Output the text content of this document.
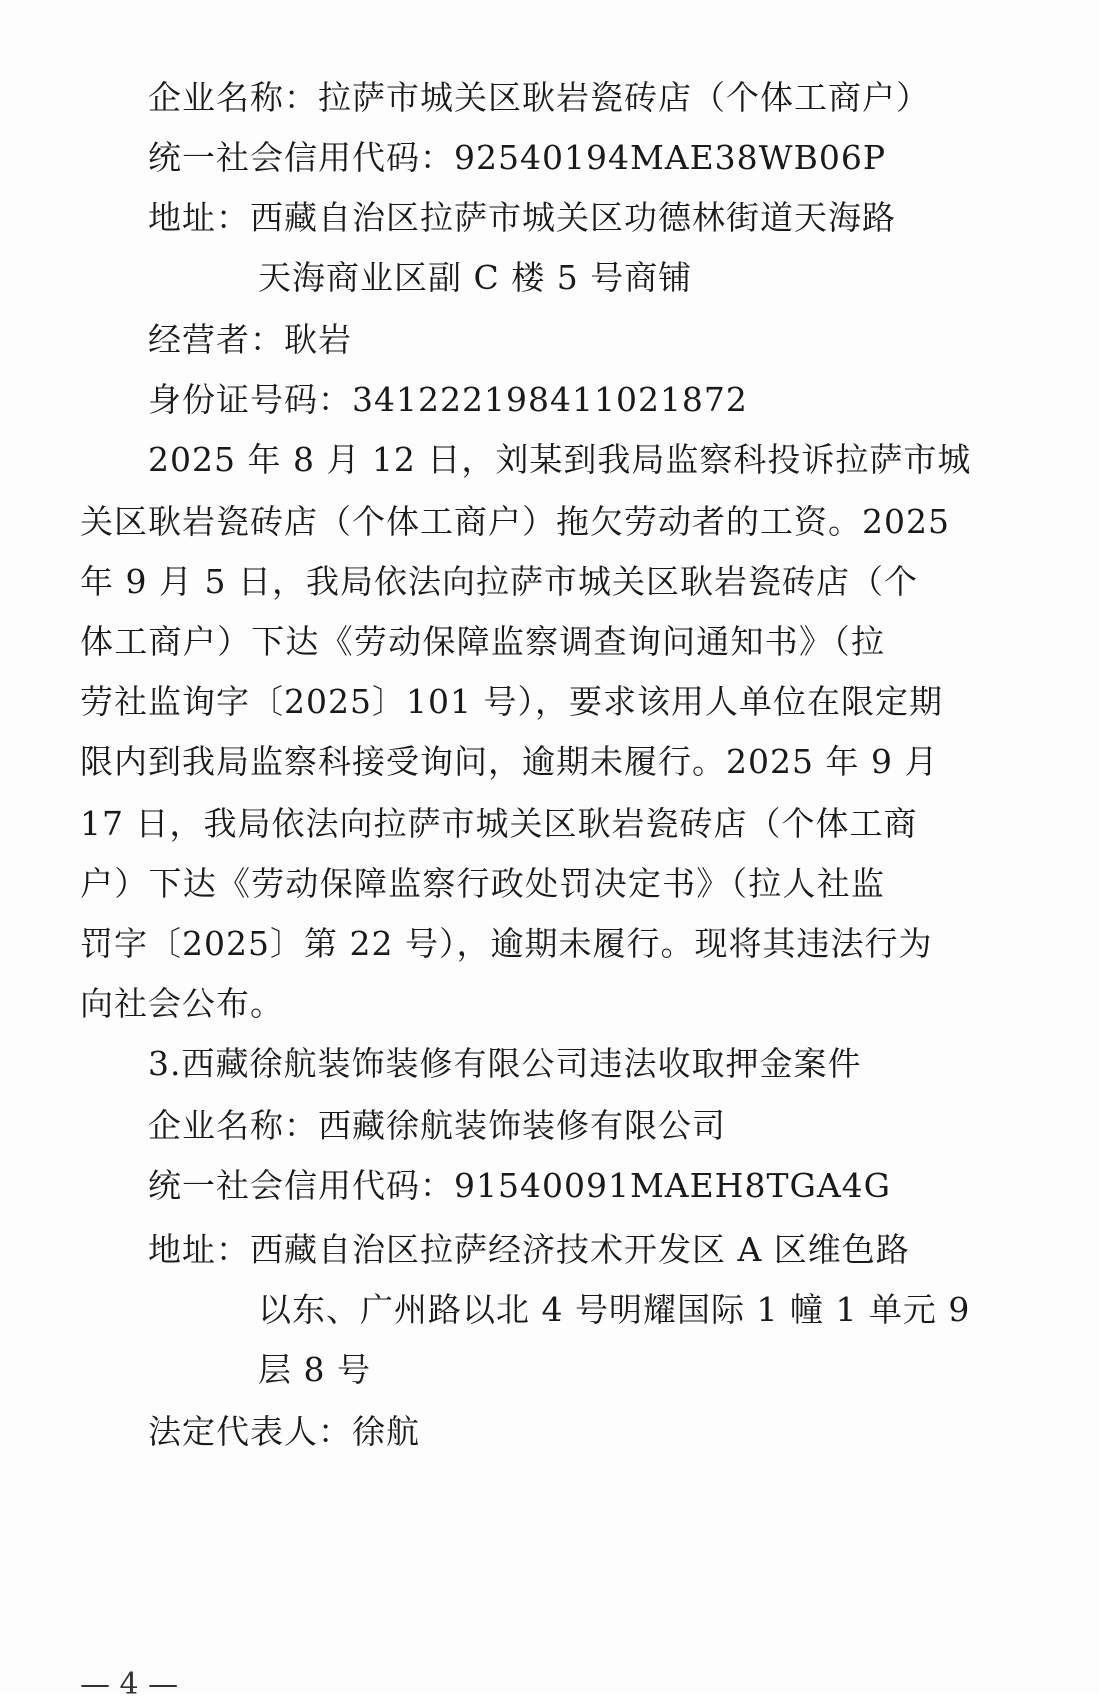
企业名称：拉萨市城关区耿岩瓷砖店（个体工商户）
统一社会信用代码：92540194MAE38WB06P
地址：西藏自治区拉萨市城关区功德林街道天海路
天海商业区副 C 楼 5 号商铺
经营者：耿岩
身份证号码：341222198411021872
2025 年 8 月 12 日，刘某到我局监察科投诉拉萨市城
关区耿岩瓷砖店（个体工商户）拖欠劳动者的工资。2025
年 9 月 5 日，我局依法向拉萨市城关区耿岩瓷砖店（个
体工商户）下达《劳动保障监察调查询问通知书》（拉
劳社监询字〔2025〕101 号），要求该用人单位在限定期
限内到我局监察科接受询问，逾期未履行。2025 年 9 月
17 日，我局依法向拉萨市城关区耿岩瓷砖店（个体工商
户）下达《劳动保障监察行政处罚决定书》（拉人社监
罚字〔2025〕第 22 号），逾期未履行。现将其违法行为
向社会公布。
3.西藏徐航装饰装修有限公司违法收取押金案件
企业名称：西藏徐航装饰装修有限公司
统一社会信用代码：91540091MAEH8TGA4G
地址：西藏自治区拉萨经济技术开发区 A 区维色路
以东、广州路以北 4 号明耀国际 1 幢 1 单元 9
层 8 号
法定代表人：徐航
— 4 —
